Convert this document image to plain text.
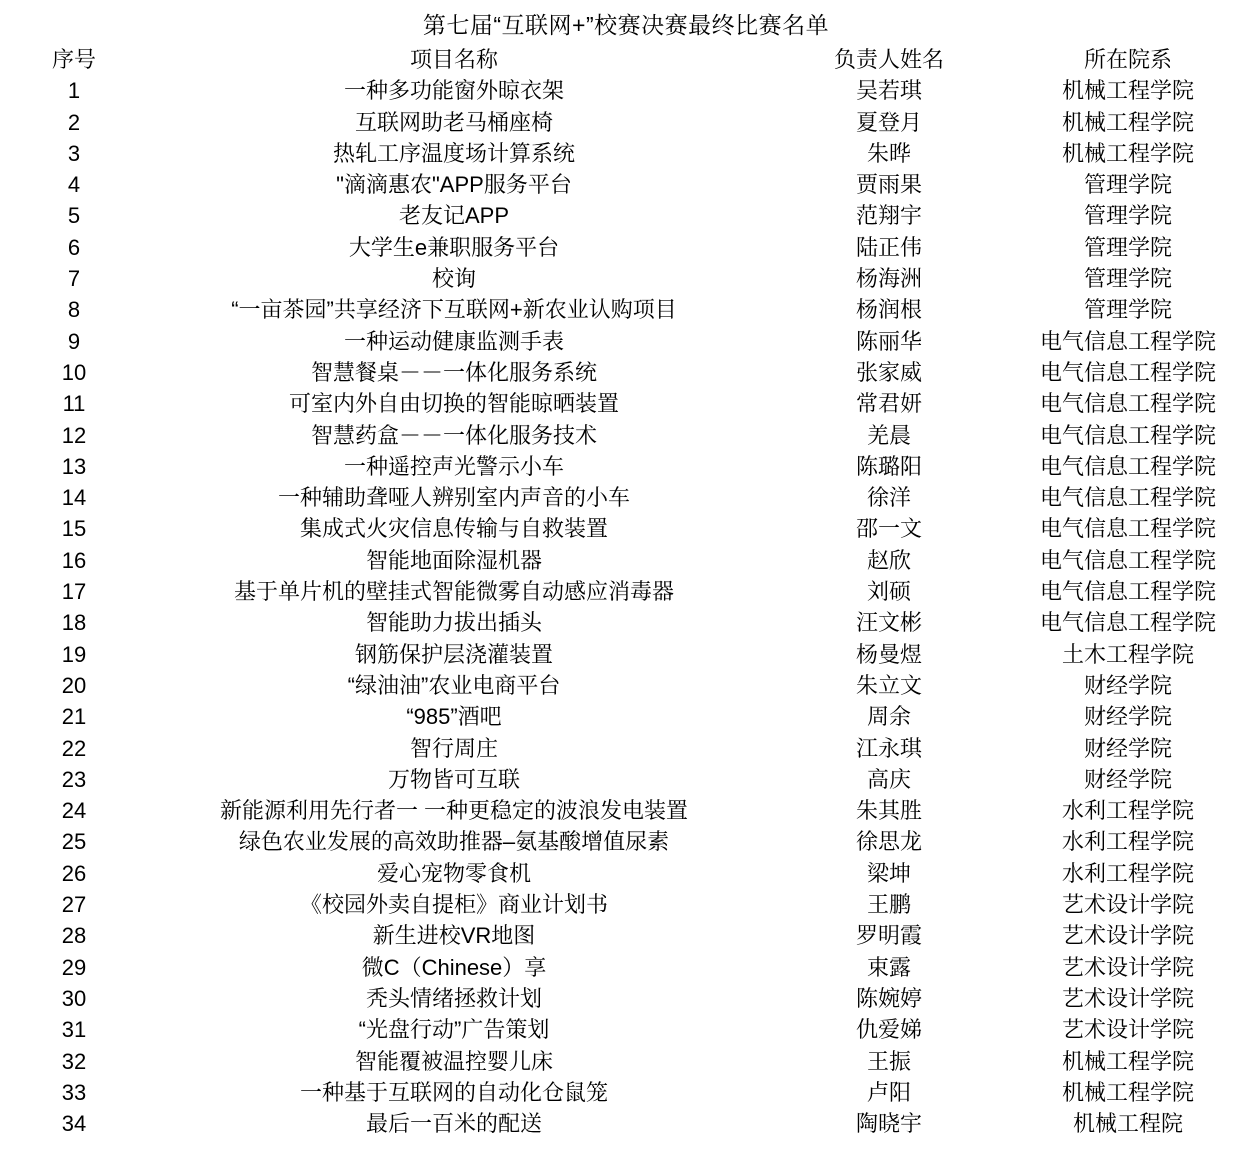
第七届“互联网+”校赛决赛最终比赛名单
序号	项目名称	负责人姓名	所在院系
1	一种多功能窗外晾衣架	吴若琪	机械工程学院
2	互联网助老马桶座椅	夏登月	机械工程学院
3	热轧工序温度场计算系统	朱晔	机械工程学院
4	"滴滴惠农"APP服务平台	贾雨果	管理学院
5	老友记APP	范翔宇	管理学院
6	大学生e兼职服务平台	陆正伟	管理学院
7	校询	杨海洲	管理学院
8	“一亩茶园”共享经济下互联网+新农业认购项目	杨润根	管理学院
9	一种运动健康监测手表	陈丽华	电气信息工程学院
10	智慧餐桌－－一体化服务系统	张家威	电气信息工程学院
11	可室内外自由切换的智能晾晒装置	常君妍	电气信息工程学院
12	智慧药盒－－一体化服务技术	羌晨	电气信息工程学院
13	一种遥控声光警示小车	陈璐阳	电气信息工程学院
14	一种辅助聋哑人辨别室内声音的小车	徐洋	电气信息工程学院
15	集成式火灾信息传输与自救装置	邵一文	电气信息工程学院
16	智能地面除湿机器	赵欣	电气信息工程学院
17	基于单片机的壁挂式智能微雾自动感应消毒器	刘硕	电气信息工程学院
18	智能助力拔出插头	汪文彬	电气信息工程学院
19	钢筋保护层浇灌装置	杨曼煜	土木工程学院
20	“绿油油”农业电商平台	朱立文	财经学院
21	“985”酒吧	周余	财经学院
22	智行周庄	江永琪	财经学院
23	万物皆可互联	高庆	财经学院
24	新能源利用先行者一 一种更稳定的波浪发电装置	朱其胜	水利工程学院
25	绿色农业发展的高效助推器–氨基酸增值尿素	徐思龙	水利工程学院
26	爱心宠物零食机	梁坤	水利工程学院
27	《校园外卖自提柜》商业计划书	王鹏	艺术设计学院
28	新生进校VR地图	罗明霞	艺术设计学院
29	微C（Chinese）享	束露	艺术设计学院
30	秃头情绪拯救计划	陈婉婷	艺术设计学院
31	“光盘行动”广告策划	仇爱娣	艺术设计学院
32	智能覆被温控婴儿床	王振	机械工程学院
33	一种基于互联网的自动化仓鼠笼	卢阳	机械工程学院
34	最后一百米的配送	陶晓宇	机械工程院
